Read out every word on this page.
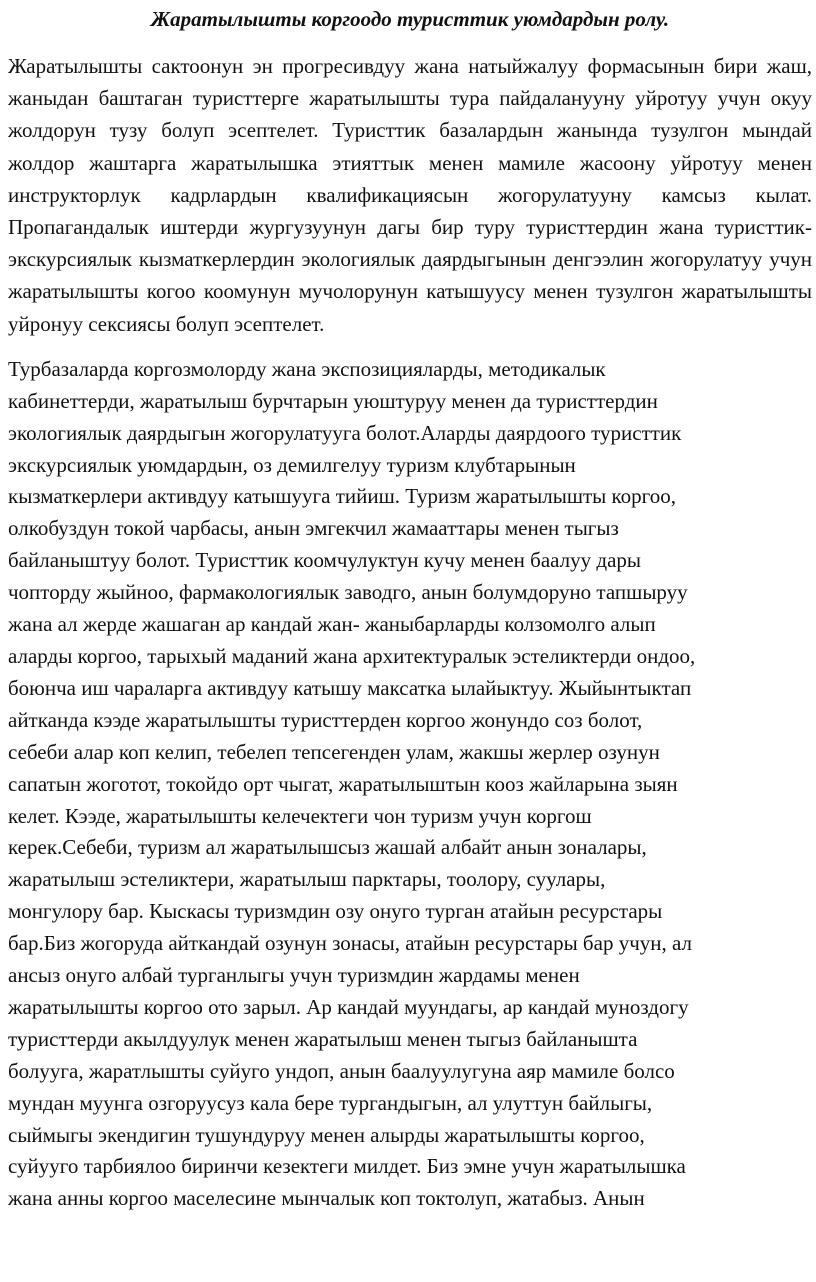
Жаратылышты коргоодо туристтик уюмдардын ролу.

Жаратылышты сактоонун эн прогресивдуу жана натыйжалуу формасынын бири жаш, жаныдан баштаган туристтерге жаратылышты тура пайдаланууну уйротуу учун окуу жолдорун тузу болуп эсептелет. Туристтик базалардын жанында тузулгон мындай жолдор жаштарга жаратылышка этияттык менен мамиле жасоону уйротуу менен инструкторлук кадрлардын квалификациясын жогорулатууну камсыз кылат. Пропагандалык иштерди жургузуунун дагы бир туру туристтердин жана туристтик-экскурсиялык кызматкерлердин экологиялык даярдыгынын денгээлин жогорулатуу учун жаратылышты когоо коомунун мучолорунун катышуусу менен тузулгон жаратылышты уйронуу сексиясы болуп эсептелет.

Турбазаларда коргозмолорду жана экспозицияларды, методикалык
кабинеттерди, жаратылыш бурчтарын уюштуруу менен да туристтердин
экологиялык даярдыгын жогорулатууга болот.Аларды даярдоого туристтик
экскурсиялык уюмдардын, оз демилгелуу туризм клубтарынын
кызматкерлери активдуу катышууга тийиш. Туризм жаратылышты коргоо,
олкобуздун токой чарбасы, анын эмгекчил жамааттары менен тыгыз
байланыштуу болот. Туристтик коомчулуктун кучу менен баалуу дары
чопторду жыйноо, фармакологиялык заводго, анын болумдоруно тапшыруу
жана ал жерде жашаган ар кандай жан- жаныбарларды колзомолго алып
аларды коргоо, тарыхый маданий жана архитектуралык эстеликтерди ондоо,
боюнча иш чараларга активдуу катышу максатка ылайыктуу. Жыйынтыктап
айтканда кээде жаратылышты туристтерден коргоо жонундо соз болот,
себеби алар коп келип, тебелеп тепсегенден улам, жакшы жерлер озунун
сапатын жоготот, токойдо орт чыгат, жаратылыштын кооз жайларына зыян
келет. Кээде, жаратылышты келечектеги чон туризм учун коргош
керек.Себеби, туризм ал жаратылышсыз жашай албайт анын зоналары,
жаратылыш эстеликтери, жаратылыш парктары, тоолору, суулары,
монгулору бар. Кыскасы туризмдин озу онуго турган атайын ресурстары
бар.Биз жогоруда айткандай озунун зонасы, атайын ресурстары бар учун, ал
ансыз онуго албай турганлыгы учун туризмдин жардамы менен
жаратылышты коргоо ото зарыл. Ар кандай муундагы, ар кандай муноздогу
туристтерди акылдуулук менен жаратылыш менен тыгыз байланышта
болууга, жаратлышты суйуго ундоп, анын баалуулугуна аяр мамиле болсо
мундан муунга озгоруусуз кала бере тургандыгын, ал улуттун байлыгы,
сыймыгы экендигин тушундуруу менен алырды жаратылышты коргоо,
суйууго тарбиялоо биринчи кезектеги милдет. Биз эмне учун жаратылышка
жана анны коргоо маселесине мынчалык коп токтолуп, жатабыз. Анын
